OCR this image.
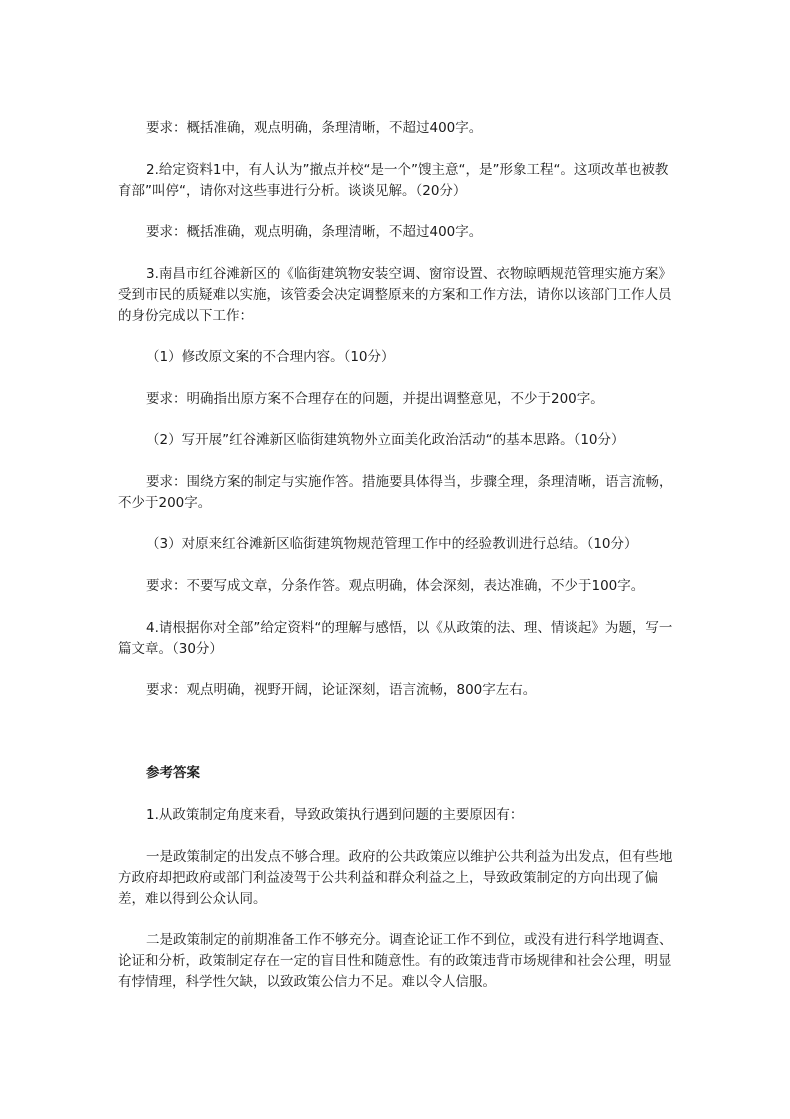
要求：概括准确，观点明确，条理清晰，不超过400字。

2.给定资料1中，有人认为”撤点并校“是一个”馊主意“，是”形象工程“。这项改革也被教育部”叫停“，请你对这些事进行分析。谈谈见解。（20分）

要求：概括准确，观点明确，条理清晰，不超过400字。

3.南昌市红谷滩新区的《临街建筑物安装空调、窗帘设置、衣物晾晒规范管理实施方案》受到市民的质疑难以实施，该管委会决定调整原来的方案和工作方法，请你以该部门工作人员的身份完成以下工作：

（1）修改原文案的不合理内容。（10分）

要求：明确指出原方案不合理存在的问题，并提出调整意见，不少于200字。

（2）写开展”红谷滩新区临街建筑物外立面美化政治活动“的基本思路。（10分）

要求：围绕方案的制定与实施作答。措施要具体得当，步骤全理，条理清晰，语言流畅，不少于200字。

（3）对原来红谷滩新区临街建筑物规范管理工作中的经验教训进行总结。（10分）

要求：不要写成文章，分条作答。观点明确，体会深刻，表达准确，不少于100字。

4.请根据你对全部”给定资料“的理解与感悟，以《从政策的法、理、情谈起》为题，写一篇文章。（30分）

要求：观点明确，视野开阔，论证深刻，语言流畅，800字左右。

参考答案

1.从政策制定角度来看，导致政策执行遇到问题的主要原因有：

一是政策制定的出发点不够合理。政府的公共政策应以维护公共利益为出发点，但有些地方政府却把政府或部门利益凌驾于公共利益和群众利益之上，导致政策制定的方向出现了偏差，难以得到公众认同。

二是政策制定的前期准备工作不够充分。调查论证工作不到位，或没有进行科学地调查、论证和分析，政策制定存在一定的盲目性和随意性。有的政策违背市场规律和社会公理，明显有悖情理，科学性欠缺，以致政策公信力不足。难以令人信服。
